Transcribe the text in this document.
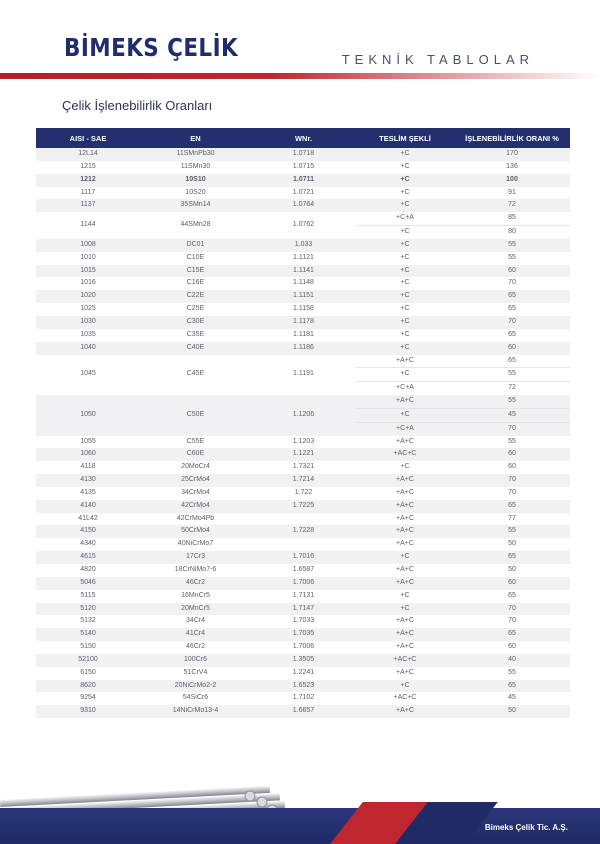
BİMEKS ÇELİK	TEKNİK TABLOLAR
Çelik İşlenebilirlik Oranları
AISI - SAE	EN	WNr.	TESLİM ŞEKLİ	İŞLENEBİLİRLİK ORANI %
12L14	11SMnPb30	1.0718	+C	170
1215	11SMn30	1.0715	+C	136
1212	10S10	1.0711	+C	100
1117	10S20	1.0721	+C	91
1137	35SMn14	1.0764	+C	72
1144	44SMn28	1.0762	+C+A	85
			+C	80
1008	DC01	1.033	+C	55
1010	C10E	1.1121	+C	55
1015	C15E	1.1141	+C	60
1016	C16E	1.1148	+C	70
1020	C22E	1.1151	+C	65
1025	C25E	1.1158	+C	65
1030	C30E	1.1178	+C	70
1035	C35E	1.1181	+C	65
1040	C40E	1.1186	+C	60
1045	C45E	1.1191	+A+C	65
			+C	55
			+C+A	72
1050	C50E	1.1206	+A+C	55
			+C	45
			+C+A	70
1055	C55E	1.1203	+A+C	55
1060	C60E	1.1221	+AC+C	60
4118	20MoCr4	1.7321	+C	60
4130	25CrMo4	1.7214	+A+C	70
4135	34CrMo4	1.722	+A+C	70
4140	42CrMo4	1.7225	+A+C	65
41L42	42CrMo4Pb		+A+C	77
4150	50CrMo4	1.7228	+A+C	55
4340	40NiCrMo7		+A+C	50
4615	17Cr3	1.7016	+C	65
4820	18CrNiMo7-6	1.6587	+A+C	50
5046	46Cr2	1.7006	+A+C	60
5115	16MnCr5	1.7131	+C	65
5120	20MnCr5	1.7147	+C	70
5132	34Cr4	1.7033	+A+C	70
5140	41Cr4	1.7035	+A+C	65
5150	46Cr2	1.7006	+A+C	60
52100	100Cr6	1.3505	+AC+C	40
6150	51CrV4	1.2241	+A+C	55
8620	20NiCrMo2-2	1.6523	+C	65
9254	54SiCr6	1.7102	+AC+C	45
9310	14NiCrMo13-4	1.6657	+A+C	50
Bimeks Çelik Tic. A.Ş.
